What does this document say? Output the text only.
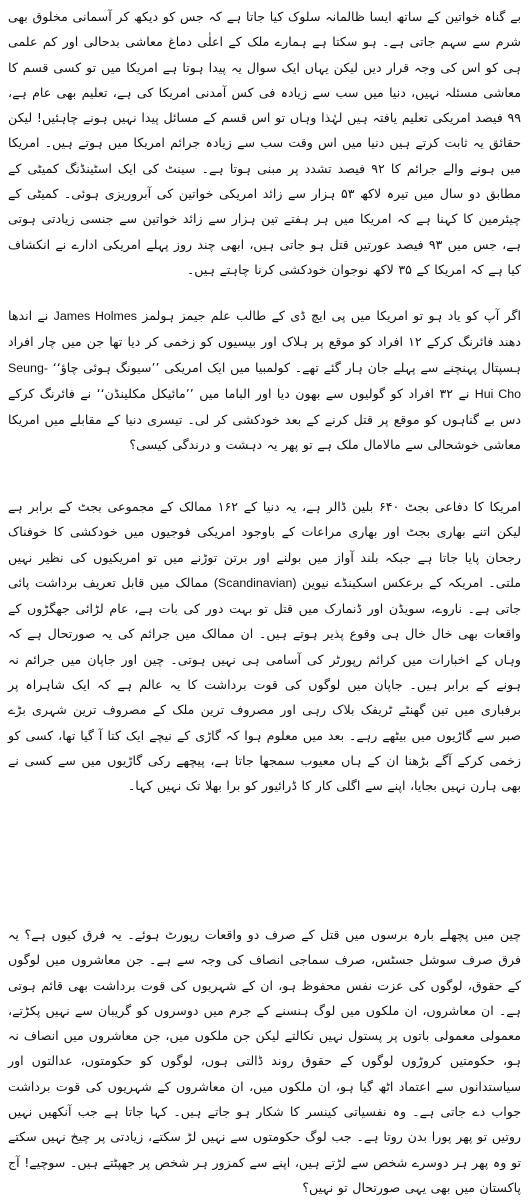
بے گناہ خواتین کے ساتھ ایسا ظالمانہ سلوک کیا جاتا ہے کہ جس کو دیکھ کر آسمانی مخلوق بھی شرم سے سہم جاتی ہے۔ ہو سکتا ہے ہمارے ملک کے اعلٰی دماغ معاشی بدحالی اور کم علمی ہی کو اس کی وجہ قرار دیں لیکن یہاں ایک سوال یہ پیدا ہوتا ہے امریکا میں تو کسی قسم کا معاشی مسئلہ نہیں، دنیا میں سب سے زیادہ فی کس آمدنی امریکا کی ہے، تعلیم بھی عام ہے، ۹۹ فیصد امریکی تعلیم یافتہ ہیں لہٰذا وہاں تو اس قسم کے مسائل پیدا نہیں ہونے چاہئیں! لیکن حقائق یہ ثابت کرتے ہیں دنیا میں اس وقت سب سے زیادہ جرائم امریکا میں ہوتے ہیں۔ امریکا میں ہونے والے جرائم کا ۹۲ فیصد تشدد پر مبنی ہوتا ہے۔ سینٹ کی ایک اسٹینڈنگ کمیٹی کے مطابق دو سال میں تیرہ لاکھ ۵۳ ہزار سے زائد امریکی خواتین کی آبروریزی ہوئی۔ کمیٹی کے چیئرمین کا کہنا ہے کہ امریکا میں ہر ہفتے تین ہزار سے زائد خواتین سے جنسی زیادتی ہوتی ہے، جس میں ۹۳ فیصد عورتیں قتل ہو جاتی ہیں، ابھی چند روز پہلے امریکی ادارے نے انکشاف کیا ہے کہ امریکا کے ۳۵ لاکھ نوجوان خودکشی کرنا چاہتے ہیں۔

اگر آپ کو یاد ہو تو امریکا میں پی ایچ ڈی کے طالب علم جیمز ہولمز James Holmes نے اندھا دھند فائرنگ کرکے ۱۲ افراد کو موقع پر ہلاک اور بیسیوں کو زخمی کر دیا تھا جن میں چار افراد ہسپتال پہنچنے سے پہلے جان ہار گئے تھے۔ کولمبیا میں ایک امریکی ’’سیونگ ہوئی چاؤ‘‘ Seung-Hui Cho نے ۳۲ افراد کو گولیوں سے بھون دیا اور الباما میں ’’مائیکل مکلینڈن‘‘ نے فائرنگ کرکے دس بے گناہوں کو موقع پر قتل کرنے کے بعد خودکشی کر لی۔ تیسری دنیا کے مقابلے میں امریکا معاشی خوشحالی سے مالامال ملک ہے تو پھر یہ دہشت و درندگی کیسی؟

امریکا کا دفاعی بجٹ ۶۴۰ بلین ڈالر ہے، یہ دنیا کے ۱۶۲ ممالک کے مجموعی بجٹ کے برابر ہے لیکن اتنے بھاری بجٹ اور بھاری مراعات کے باوجود امریکی فوجیوں میں خودکشی کا خوفناک رجحان پایا جاتا ہے جبکہ بلند آواز میں بولنے اور برتن توڑنے میں تو امریکیوں کی نظیر نہیں ملتی۔ امریکہ کے برعکس اسکینڈے نیوین (Scandinavian) ممالک میں قابل تعریف برداشت پائی جاتی ہے۔ ناروے، سویڈن اور ڈنمارک میں قتل تو بہت دور کی بات ہے، عام لڑائی جھگڑوں کے واقعات بھی خال خال ہی وقوع پذیر ہوتے ہیں۔ ان ممالک میں جرائم کی یہ صورتحال ہے کہ وہاں کے اخبارات میں کرائم رپورٹر کی آسامی ہی نہیں ہوتی۔ چین اور جاپان میں جرائم نہ ہونے کے برابر ہیں۔ جاپان میں لوگوں کی قوت برداشت کا یہ عالم ہے کہ ایک شاہراہ پر برفباری میں تین گھنٹے ٹریفک بلاک رہی اور مصروف ترین ملک کے مصروف ترین شہری بڑے صبر سے گاڑیوں میں بیٹھے رہے۔ بعد میں معلوم ہوا کہ گاڑی کے نیچے ایک کتا آ گیا تھا، کسی کو زخمی کرکے آگے بڑھنا ان کے ہاں معیوب سمجھا جاتا ہے، پیچھے رکی گاڑیوں میں سے کسی نے بھی ہارن نہیں بجایا، اپنے سے اگلی کار کا ڈرائیور کو برا بھلا تک نہیں کہا۔

چین میں پچھلے بارہ برسوں میں قتل کے صرف دو واقعات رپورٹ ہوئے۔ یہ فرق کیوں ہے؟ یہ فرق صرف سوشل جسٹس، صرف سماجی انصاف کی وجہ سے ہے۔ جن معاشروں میں لوگوں کے حقوق، لوگوں کی عزت نفس محفوظ ہو، ان کے شہریوں کی قوت برداشت بھی قائم ہوتی ہے۔ ان معاشروں، ان ملکوں میں لوگ ہنسنے کے جرم میں دوسروں کو گریبان سے نہیں پکڑتے، معمولی معمولی باتوں پر پستول نہیں نکالتے لیکن جن ملکوں میں، جن معاشروں میں انصاف نہ ہو، حکومتیں کروڑوں لوگوں کے حقوق روند ڈالتی ہوں، لوگوں کو حکومتوں، عدالتوں اور سیاستدانوں سے اعتماد اٹھ گیا ہو، ان ملکوں میں، ان معاشروں کے شہریوں کی قوت برداشت جواب دے جاتی ہے۔ وہ نفسیاتی کینسر کا شکار ہو جاتے ہیں۔ کہا جاتا ہے جب آنکھیں نہیں روتیں تو پھر پورا بدن روتا ہے۔ جب لوگ حکومتوں سے نہیں لڑ سکتے، زیادتی پر چیخ نہیں سکتے تو وہ پھر ہر دوسرے شخص سے لڑتے ہیں، اپنے سے کمزور ہر شخص پر جھپٹتے ہیں۔ سوچیے! آج پاکستان میں بھی یہی صورتحال تو نہیں؟
